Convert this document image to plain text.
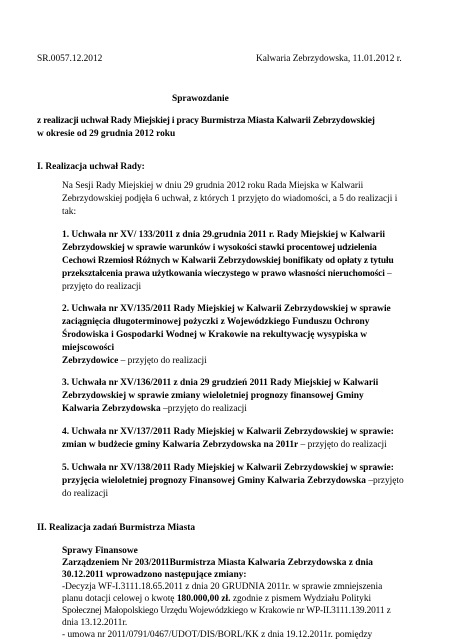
SR.0057.12.2012	Kalwaria Zebrzydowska, 11.01.2012 r.
Sprawozdanie
z realizacji uchwał Rady Miejskiej i pracy Burmistrza Miasta Kalwarii Zebrzydowskiej
w okresie od 29 grudnia 2012 roku
I. Realizacja uchwał Rady:
Na Sesji Rady Miejskiej w dniu 29 grudnia 2012 roku Rada Miejska w Kalwarii
Zebrzydowskiej podjęła 6 uchwał, z których 1 przyjęto do wiadomości, a 5 do realizacji i
tak:
1. Uchwała nr XV/ 133/2011 z dnia 29.grudnia 2011 r. Rady Miejskiej w Kalwarii
Zebrzydowskiej w sprawie warunków i wysokości stawki procentowej udzielenia
Cechowi Rzemiosł Różnych w Kalwarii Zebrzydowskiej bonifikaty od opłaty z tytułu
przekształcenia prawa użytkowania wieczystego w prawo własności nieruchomości –
przyjęto do realizacji
2. Uchwała nr XV/135/2011 Rady Miejskiej w Kalwarii Zebrzydowskiej w sprawie
zaciągnięcia długoterminowej pożyczki z Wojewódzkiego Funduszu Ochrony
Środowiska i Gospodarki Wodnej w Krakowie na rekultywację wysypiska w
miejscowości
Zebrzydowice – przyjęto do realizacji
3. Uchwała nr XV/136/2011 z dnia 29 grudzień 2011 Rady Miejskiej w Kalwarii
Zebrzydowskiej w sprawie zmiany wieloletniej prognozy finansowej Gminy
Kalwaria Zebrzydowska –przyjęto do realizacji
4. Uchwała nr XV/137/2011 Rady Miejskiej w Kalwarii Zebrzydowskiej w sprawie:
zmian w budżecie gminy Kalwaria Zebrzydowska na 2011r – przyjęto do realizacji
5. Uchwała nr XV/138/2011 Rady Miejskiej w Kalwarii Zebrzydowskiej w sprawie:
przyjęcia wieloletniej prognozy Finansowej Gminy Kalwaria Zebrzydowska –przyjęto
do realizacji
II. Realizacja zadań Burmistrza Miasta
Sprawy Finansowe
Zarządzeniem Nr 203/2011Burmistrza Miasta Kalwaria Zebrzydowska z dnia
30.12.2011 wprowadzono następujące zmiany:
-Decyzja WF-I.3111.18.65.2011 z dnia 20 GRUDNIA 2011r. w sprawie zmniejszenia
planu dotacji celowej o kwotę 180.000,00 zł. zgodnie z pismem Wydziału Polityki
Społecznej Małopolskiego Urzędu Wojewódzkiego w Krakowie nr WP-II.3111.139.2011 z
dnia 13.12.2011r.
- umowa nr 2011/0791/0467/UDOT/DIS/BORL/KK z dnia 19.12.2011r. pomiędzy
